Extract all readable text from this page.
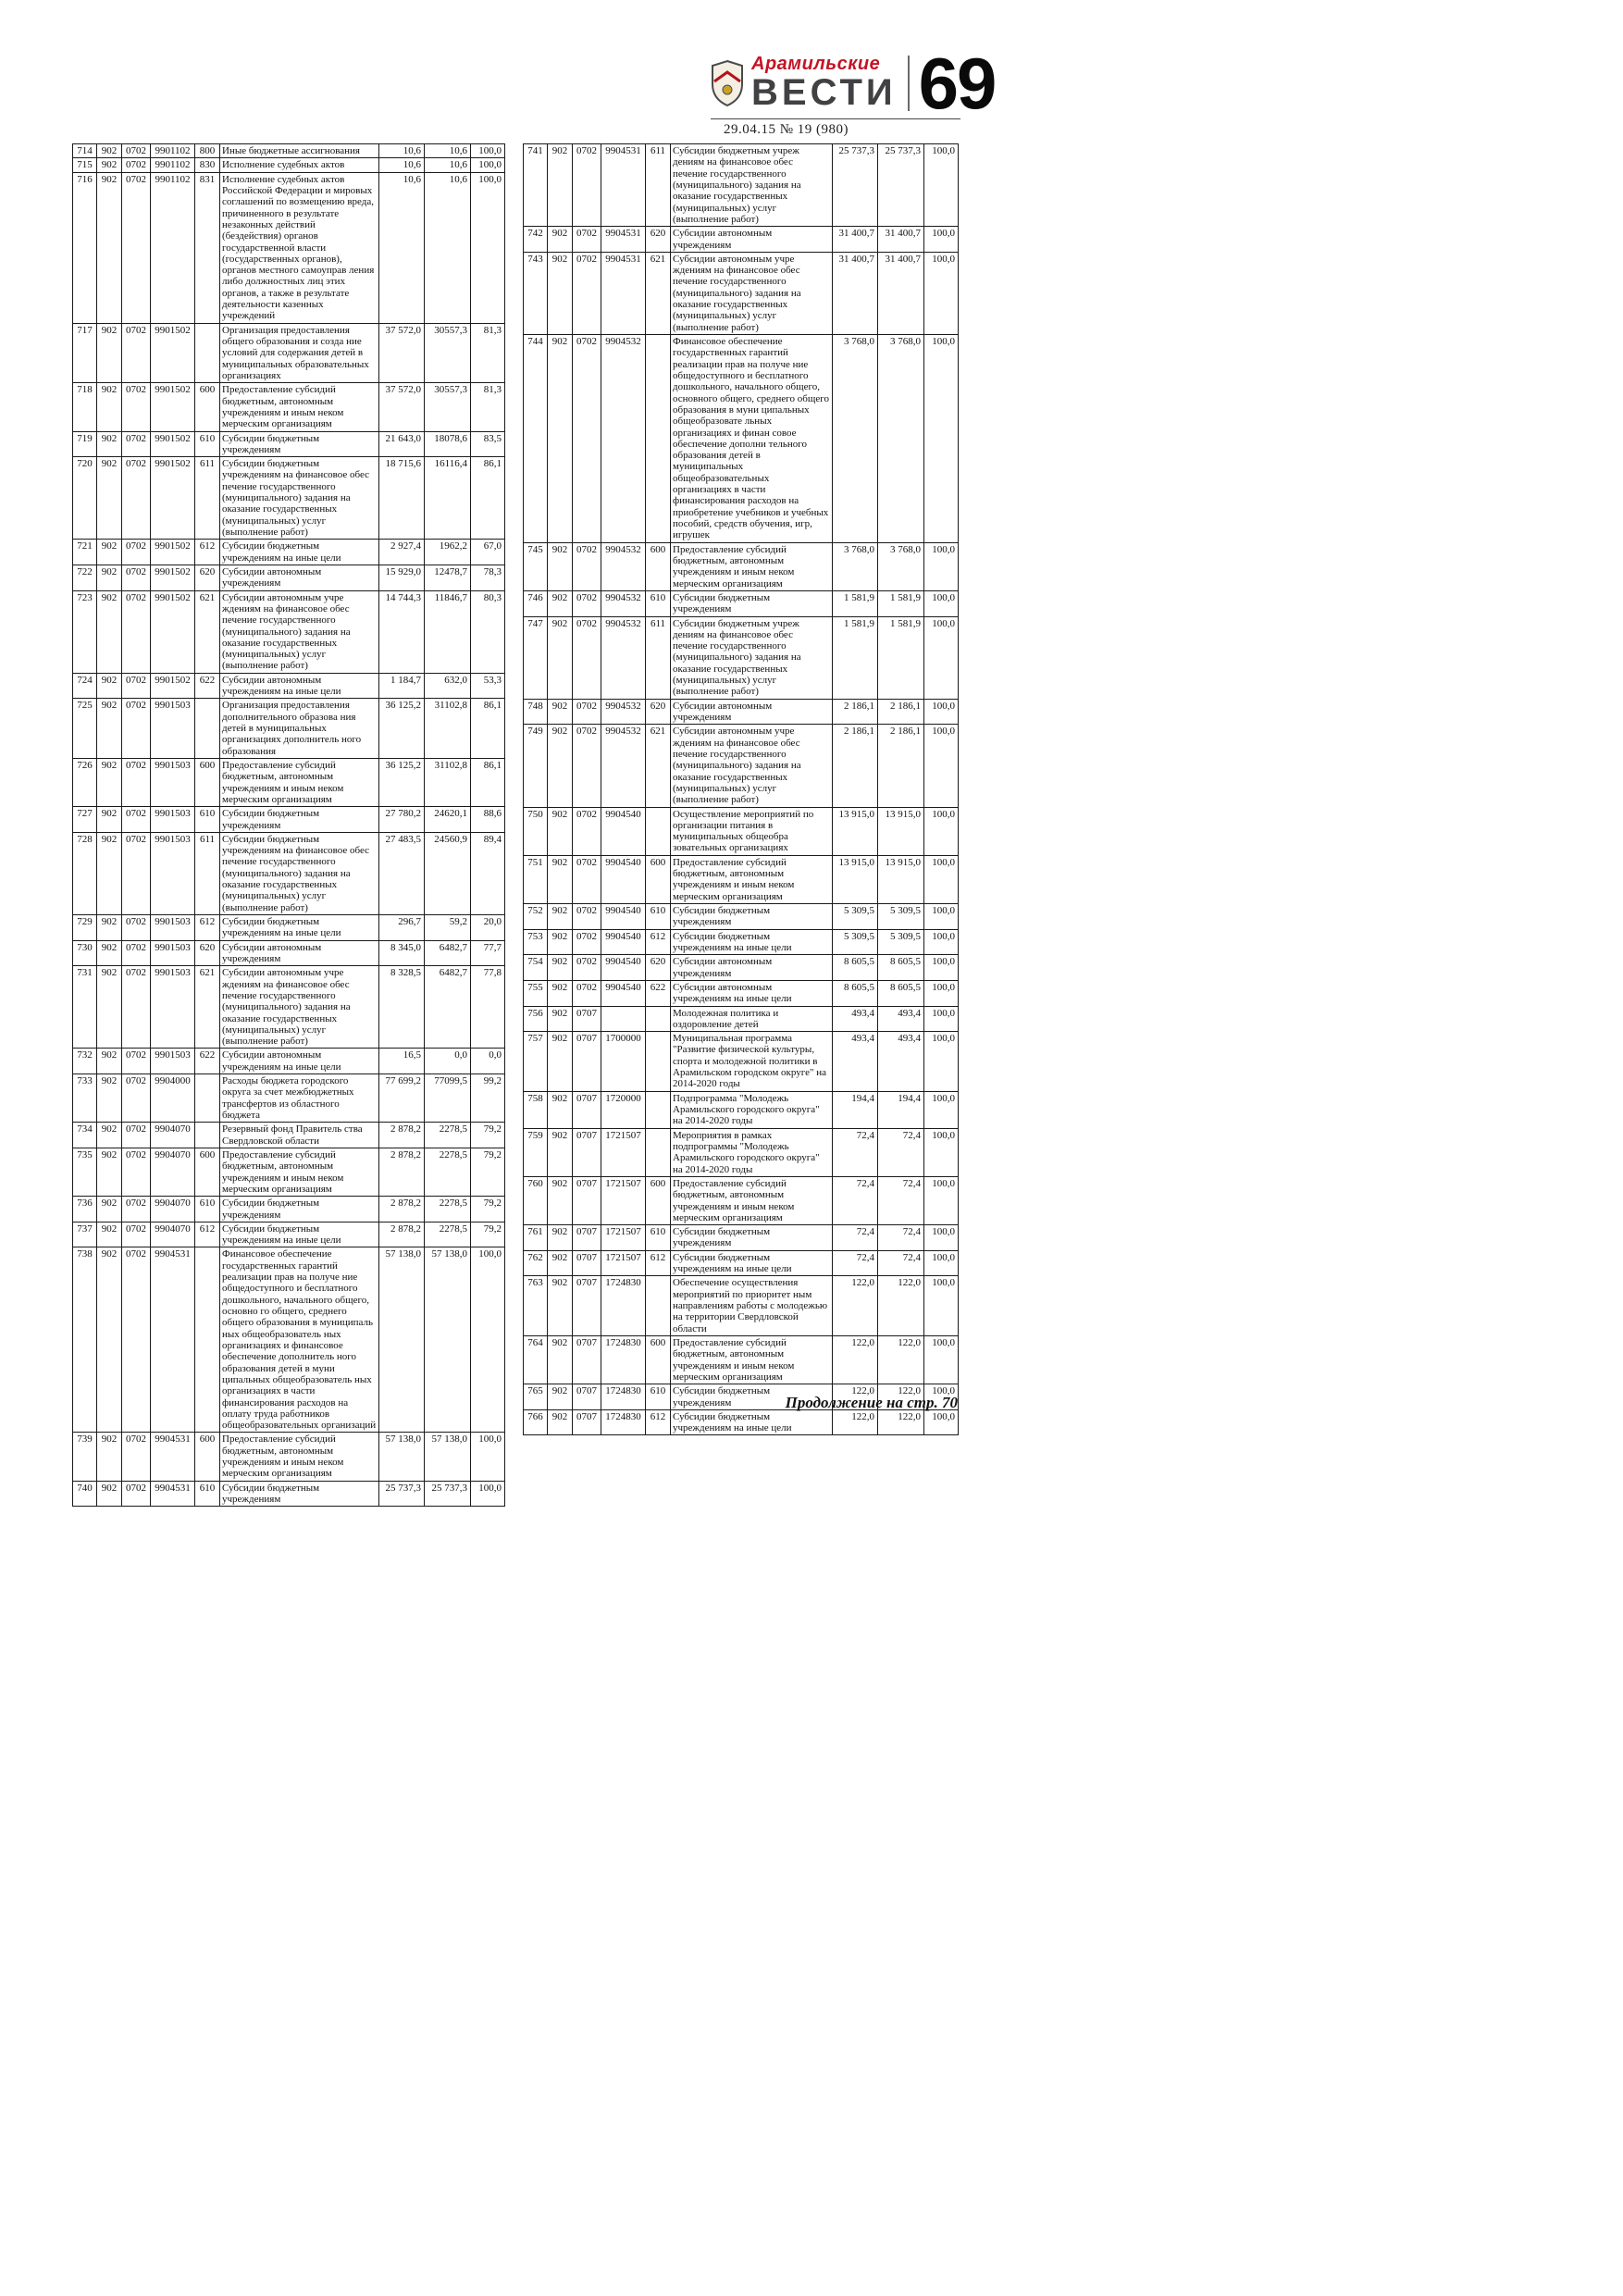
Арамильские
ВЕСТИ 69
29.04.15 № 19 (980)
714	902	0702	9901102	800	Иные бюджетные ассигнования	10,6	10,6	100,0
715	902	0702	9901102	830	Исполнение судебных актов	10,6	10,6	100,0
716	902	0702	9901102	831	Исполнение судебных актов Российской Федерации и мировых соглашений по возмещению вреда, причиненного в результате незаконных действий (бездействия) органов государственной власти (государственных органов), органов местного самоуправ ления либо должностных лиц этих органов, а также в результате деятельности казенных учреждений	10,6	10,6	100,0
717	902	0702	9901502		Организация предоставления общего образования и созда ние условий для содержания детей в муниципальных образовательных организациях	37 572,0	30557,3	81,3
718	902	0702	9901502	600	Предоставление субсидий бюджетным, автономным учреждениям и иным неком мерческим организациям	37 572,0	30557,3	81,3
719	902	0702	9901502	610	Субсидии бюджетным учреждениям	21 643,0	18078,6	83,5
720	902	0702	9901502	611	Субсидии бюджетным учреждениям на финансовое обес печение государственного (муниципального) задания на оказание государственных (муниципальных) услуг (выполнение работ)	18 715,6	16116,4	86,1
721	902	0702	9901502	612	Субсидии бюджетным учреждениям на иные цели	2 927,4	1962,2	67,0
722	902	0702	9901502	620	Субсидии автономным учреждениям	15 929,0	12478,7	78,3
723	902	0702	9901502	621	Субсидии автономным учре ждениям на финансовое обес печение государственного (муниципального) задания на оказание государственных (муниципальных) услуг (выполнение работ)	14 744,3	11846,7	80,3
724	902	0702	9901502	622	Субсидии автономным учреждениям на иные цели	1 184,7	632,0	53,3
725	902	0702	9901503		Организация предоставления дополнительного образова ния детей в муниципальных организациях дополнитель ного образования	36 125,2	31102,8	86,1
726	902	0702	9901503	600	Предоставление субсидий бюджетным, автономным учреждениям и иным неком мерческим организациям	36 125,2	31102,8	86,1
727	902	0702	9901503	610	Субсидии бюджетным учреждениям	27 780,2	24620,1	88,6
728	902	0702	9901503	611	Субсидии бюджетным учреждениям на финансовое обес печение государственного (муниципального) задания на оказание государственных (муниципальных) услуг (выполнение работ)	27 483,5	24560,9	89,4
729	902	0702	9901503	612	Субсидии бюджетным учреждениям на иные цели	296,7	59,2	20,0
730	902	0702	9901503	620	Субсидии автономным учреждениям	8 345,0	6482,7	77,7
731	902	0702	9901503	621	Субсидии автономным учре ждениям на финансовое обес печение государственного (муниципального) задания на оказание государственных (муниципальных) услуг (выполнение работ)	8 328,5	6482,7	77,8
732	902	0702	9901503	622	Субсидии автономным учреждениям на иные цели	16,5	0,0	0,0
733	902	0702	9904000		Расходы бюджета городского округа за счет межбюджетных трансфертов из областного бюджета	77 699,2	77099,5	99,2
734	902	0702	9904070		Резервный фонд Правитель ства Свердловской области	2 878,2	2278,5	79,2
735	902	0702	9904070	600	Предоставление субсидий бюджетным, автономным учреждениям и иным неком мерческим организациям	2 878,2	2278,5	79,2
736	902	0702	9904070	610	Субсидии бюджетным учреждениям	2 878,2	2278,5	79,2
737	902	0702	9904070	612	Субсидии бюджетным учреждениям на иные цели	2 878,2	2278,5	79,2
738	902	0702	9904531		Финансовое обеспечение государственных гарантий реализации прав на получе ние общедоступного и бесплатного дошкольного, начального общего, основно го общего, среднего общего образования в муниципаль ных общеобразователь ных организациях и финансовое обеспечение дополнитель ного образования детей в муни ципальных общеобразователь ных организациях в части финансирования расходов на оплату труда работников общеобразовательных организаций	57 138,0	57 138,0	100,0
739	902	0702	9904531	600	Предоставление субсидий бюджетным, автономным учреждениям и иным неком мерческим организациям	57 138,0	57 138,0	100,0
740	902	0702	9904531	610	Субсидии бюджетным учреждениям	25 737,3	25 737,3	100,0
741	902	0702	9904531	611	Субсидии бюджетным учреж дениям на финансовое обес печение государственного (муниципального) задания на оказание государственных (муниципальных) услуг (выполнение работ)	25 737,3	25 737,3	100,0
742	902	0702	9904531	620	Субсидии автономным учреждениям	31 400,7	31 400,7	100,0
743	902	0702	9904531	621	Субсидии автономным учре ждениям на финансовое обес печение государственного (муниципального) задания на оказание государственных (муниципальных) услуг (выполнение работ)	31 400,7	31 400,7	100,0
744	902	0702	9904532		Финансовое обеспечение государственных гарантий реализации прав на получе ние общедоступного и бесплатного дошкольного, начального общего, основного общего, среднего общего образования в муни ципальных общеобразовате льных организациях и финан совое обеспечение дополни тельного образования детей в муниципальных общеобразовательных организациях в части финансирования расходов на приобретение учебников и учебных пособий, средств обучения, игр, игрушек	3 768,0	3 768,0	100,0
745	902	0702	9904532	600	Предоставление субсидий бюджетным, автономным учреждениям и иным неком мерческим организациям	3 768,0	3 768,0	100,0
746	902	0702	9904532	610	Субсидии бюджетным учреждениям	1 581,9	1 581,9	100,0
747	902	0702	9904532	611	Субсидии бюджетным учреж дениям на финансовое обес печение государственного (муниципального) задания на оказание государственных (муниципальных) услуг (выполнение работ)	1 581,9	1 581,9	100,0
748	902	0702	9904532	620	Субсидии автономным учреждениям	2 186,1	2 186,1	100,0
749	902	0702	9904532	621	Субсидии автономным учре ждениям на финансовое обес печение государственного (муниципального) задания на оказание государственных (муниципальных) услуг (выполнение работ)	2 186,1	2 186,1	100,0
750	902	0702	9904540		Осуществление мероприятий по организации питания в муниципальных общеобра зовательных организациях	13 915,0	13 915,0	100,0
751	902	0702	9904540	600	Предоставление субсидий бюджетным, автономным учреждениям и иным неком мерческим организациям	13 915,0	13 915,0	100,0
752	902	0702	9904540	610	Субсидии бюджетным учреждениям	5 309,5	5 309,5	100,0
753	902	0702	9904540	612	Субсидии бюджетным учреждениям на иные цели	5 309,5	5 309,5	100,0
754	902	0702	9904540	620	Субсидии автономным учреждениям	8 605,5	8 605,5	100,0
755	902	0702	9904540	622	Субсидии автономным учреждениям на иные цели	8 605,5	8 605,5	100,0
756	902	0707			Молодежная политика и оздоровление детей	493,4	493,4	100,0
757	902	0707	1700000		Муниципальная программа "Развитие физической культуры, спорта и молодежной политики в Арамильском городском округе" на 2014-2020 годы	493,4	493,4	100,0
758	902	0707	1720000		Подпрограмма "Молодежь Арамильского городского округа" на 2014-2020 годы	194,4	194,4	100,0
759	902	0707	1721507		Мероприятия в рамках подпрограммы "Молодежь Арамильского городского округа" на 2014-2020 годы	72,4	72,4	100,0
760	902	0707	1721507	600	Предоставление субсидий бюджетным, автономным учреждениям и иным неком мерческим организациям	72,4	72,4	100,0
761	902	0707	1721507	610	Субсидии бюджетным учреждениям	72,4	72,4	100,0
762	902	0707	1721507	612	Субсидии бюджетным учреждениям на иные цели	72,4	72,4	100,0
763	902	0707	1724830		Обеспечение осуществления мероприятий по приоритет ным направлениям работы с молодежью на территории Свердловской области	122,0	122,0	100,0
764	902	0707	1724830	600	Предоставление субсидий бюджетным, автономным учреждениям и иным неком мерческим организациям	122,0	122,0	100,0
765	902	0707	1724830	610	Субсидии бюджетным учреждениям	122,0	122,0	100,0
766	902	0707	1724830	612	Субсидии бюджетным учреждениям на иные цели	122,0	122,0	100,0
Продолжение на стр. 70
